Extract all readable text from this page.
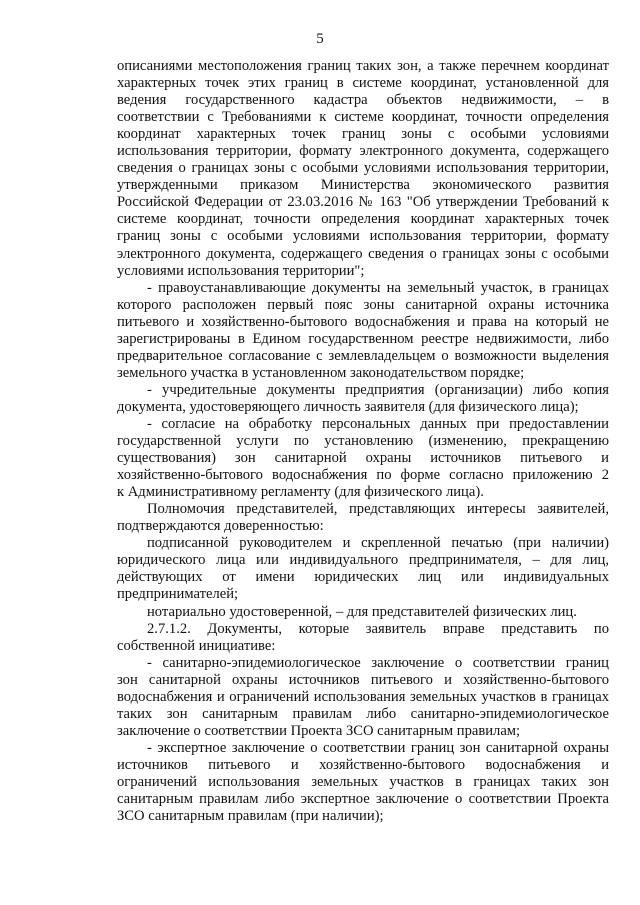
5
описаниями местоположения границ таких зон, а также перечнем координат
характерных точек этих границ в системе координат, установленной для
ведения государственного кадастра объектов недвижимости, – в
соответствии с Требованиями к системе координат, точности определения
координат характерных точек границ зоны с особыми условиями
использования территории, формату электронного документа, содержащего
сведения о границах зоны с особыми условиями использования территории,
утвержденными приказом Министерства экономического развития
Российской Федерации от 23.03.2016 № 163 "Об утверждении Требований к
системе координат, точности определения координат характерных точек
границ зоны с особыми условиями использования территории, формату
электронного документа, содержащего сведения о границах зоны с особыми
условиями использования территории";
- правоустанавливающие документы на земельный участок, в границах
которого расположен первый пояс зоны санитарной охраны источника
питьевого и хозяйственно-бытового водоснабжения и права на который не
зарегистрированы в Едином государственном реестре недвижимости, либо
предварительное согласование с землевладельцем о возможности выделения
земельного участка в установленном законодательством порядке;
- учредительные документы предприятия (организации) либо копия
документа, удостоверяющего личность заявителя (для физического лица);
- согласие на обработку персональных данных при предоставлении
государственной услуги по установлению (изменению, прекращению
существования) зон санитарной охраны источников питьевого и
хозяйственно-бытового водоснабжения по форме согласно приложению 2
к Административному регламенту (для физического лица).
Полномочия представителей, представляющих интересы заявителей,
подтверждаются доверенностью:
подписанной руководителем и скрепленной печатью (при наличии)
юридического лица или индивидуального предпринимателя, – для лиц,
действующих от имени юридических лиц или индивидуальных
предпринимателей;
нотариально удостоверенной, – для представителей физических лиц.
2.7.1.2. Документы, которые заявитель вправе представить по
собственной инициативе:
- санитарно-эпидемиологическое заключение о соответствии границ
зон санитарной охраны источников питьевого и хозяйственно-бытового
водоснабжения и ограничений использования земельных участков в границах
таких зон санитарным правилам либо санитарно-эпидемиологическое
заключение о соответствии Проекта ЗСО санитарным правилам;
- экспертное заключение о соответствии границ зон санитарной охраны
источников питьевого и хозяйственно-бытового водоснабжения и
ограничений использования земельных участков в границах таких зон
санитарным правилам либо экспертное заключение о соответствии Проекта
ЗСО санитарным правилам (при наличии);
